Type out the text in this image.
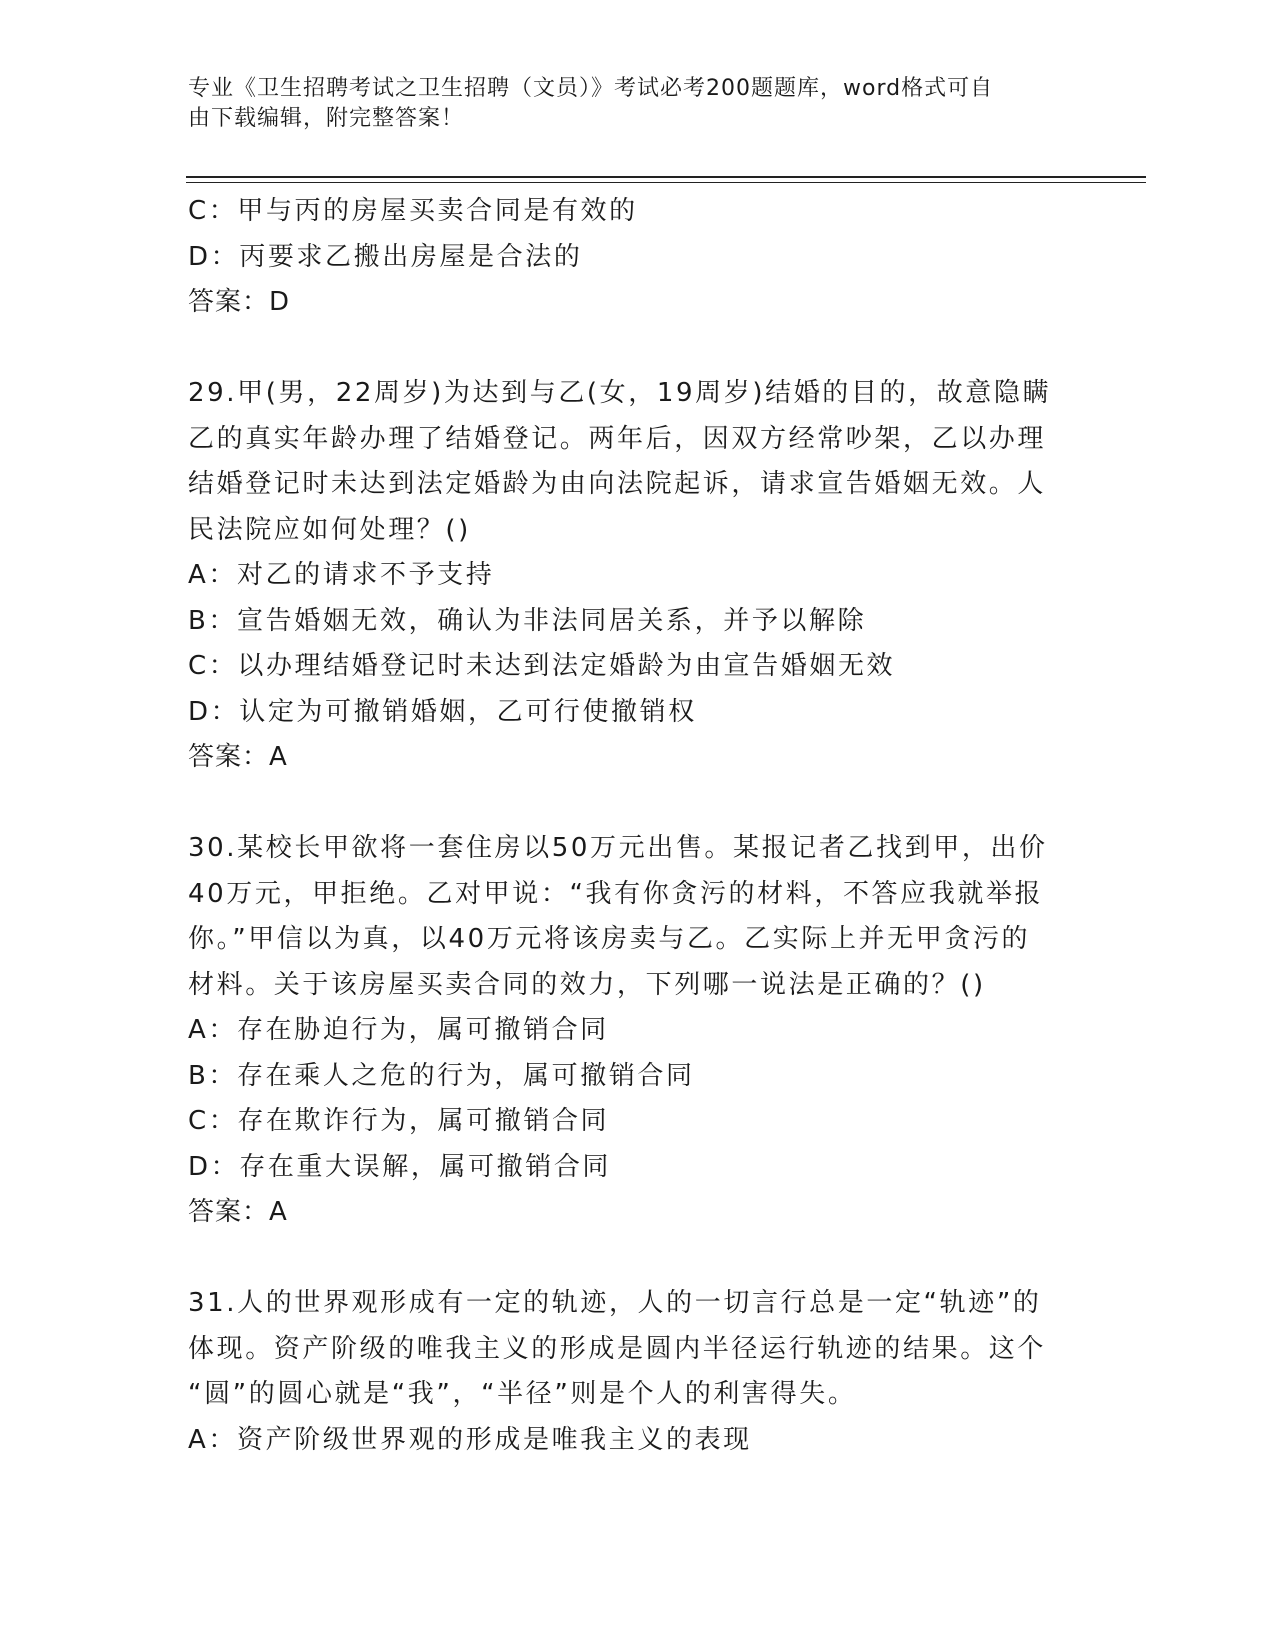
专业《卫生招聘考试之卫生招聘（文员）》考试必考200题题库，word格式可自
由下载编辑，附完整答案！
C：甲与丙的房屋买卖合同是有效的
D：丙要求乙搬出房屋是合法的
答案：D
29.甲(男，22周岁)为达到与乙(女，19周岁)结婚的目的，故意隐瞒
乙的真实年龄办理了结婚登记。两年后，因双方经常吵架，乙以办理
结婚登记时未达到法定婚龄为由向法院起诉，请求宣告婚姻无效。人
民法院应如何处理？()
A：对乙的请求不予支持
B：宣告婚姻无效，确认为非法同居关系，并予以解除
C：以办理结婚登记时未达到法定婚龄为由宣告婚姻无效
D：认定为可撤销婚姻，乙可行使撤销权
答案：A
30.某校长甲欲将一套住房以50万元出售。某报记者乙找到甲，出价
40万元，甲拒绝。乙对甲说：“我有你贪污的材料，不答应我就举报
你。”甲信以为真，以40万元将该房卖与乙。乙实际上并无甲贪污的
材料。关于该房屋买卖合同的效力，下列哪一说法是正确的？()
A：存在胁迫行为，属可撤销合同
B：存在乘人之危的行为，属可撤销合同
C：存在欺诈行为，属可撤销合同
D：存在重大误解，属可撤销合同
答案：A
31.人的世界观形成有一定的轨迹，人的一切言行总是一定“轨迹”的
体现。资产阶级的唯我主义的形成是圆内半径运行轨迹的结果。这个
“圆”的圆心就是“我”，“半径”则是个人的利害得失。
A：资产阶级世界观的形成是唯我主义的表现
